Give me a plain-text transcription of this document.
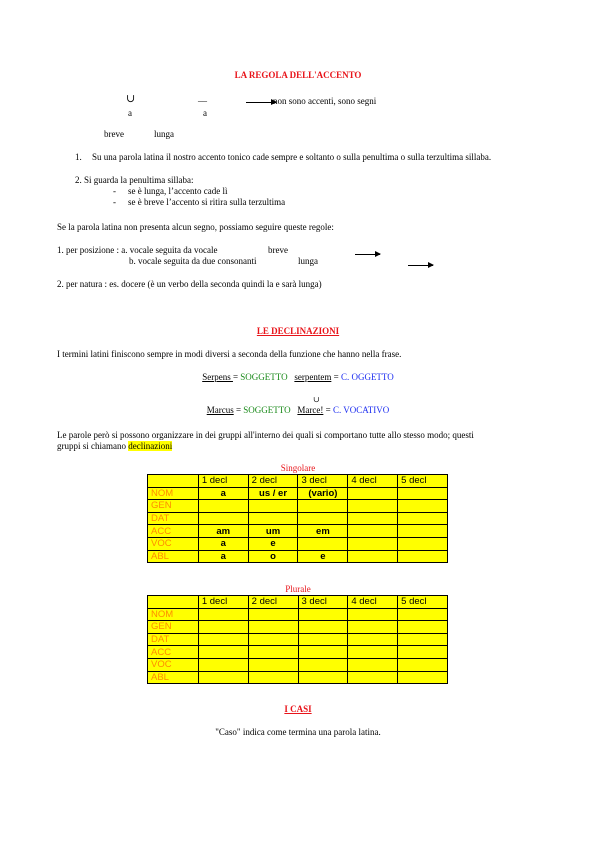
LA REGOLA DELL'ACCENTO
∪	__	non sono accenti, sono segni
a	a
breve	lunga
1. Su una parola latina il nostro accento tonico cade sempre e soltanto o sulla penultima o sulla terzultima sillaba.
2. Si guarda la penultima sillaba:
- se è lunga, l’accento cade lì
- se è breve l’accento si ritira sulla terzultima
Se la parola latina non presenta alcun segno, possiamo seguire queste regole:
1. per posizione : a. vocale seguita da vocale	breve
b. vocale seguita da due consonanti	lunga
2. per natura : es. docere (è un verbo della seconda quindi la e sarà lunga)
LE DECLINAZIONI
I termini latini finiscono sempre in modi diversi a seconda della funzione che hanno nella frase.
Serpens = SOGGETTO serpentem = C. OGGETTO
∪
Marcus = SOGGETTO Marce! = C. VOCATIVO
Le parole però si possono organizzare in dei gruppi all'interno dei quali si comportano tutte allo stesso modo; questi
gruppi si chiamano declinazioni
Singolare
	1 decl	2 decl	3 decl	4 decl	5 decl
NOM	a	us / er	(vario)		
GEN					
DAT					
ACC	am	um	em		
VOC	a	e			
ABL	a	o	e		
Plurale
	1 decl	2 decl	3 decl	4 decl	5 decl
NOM					
GEN					
DAT					
ACC					
VOC					
ABL					
I CASI
"Caso" indica come termina una parola latina.
